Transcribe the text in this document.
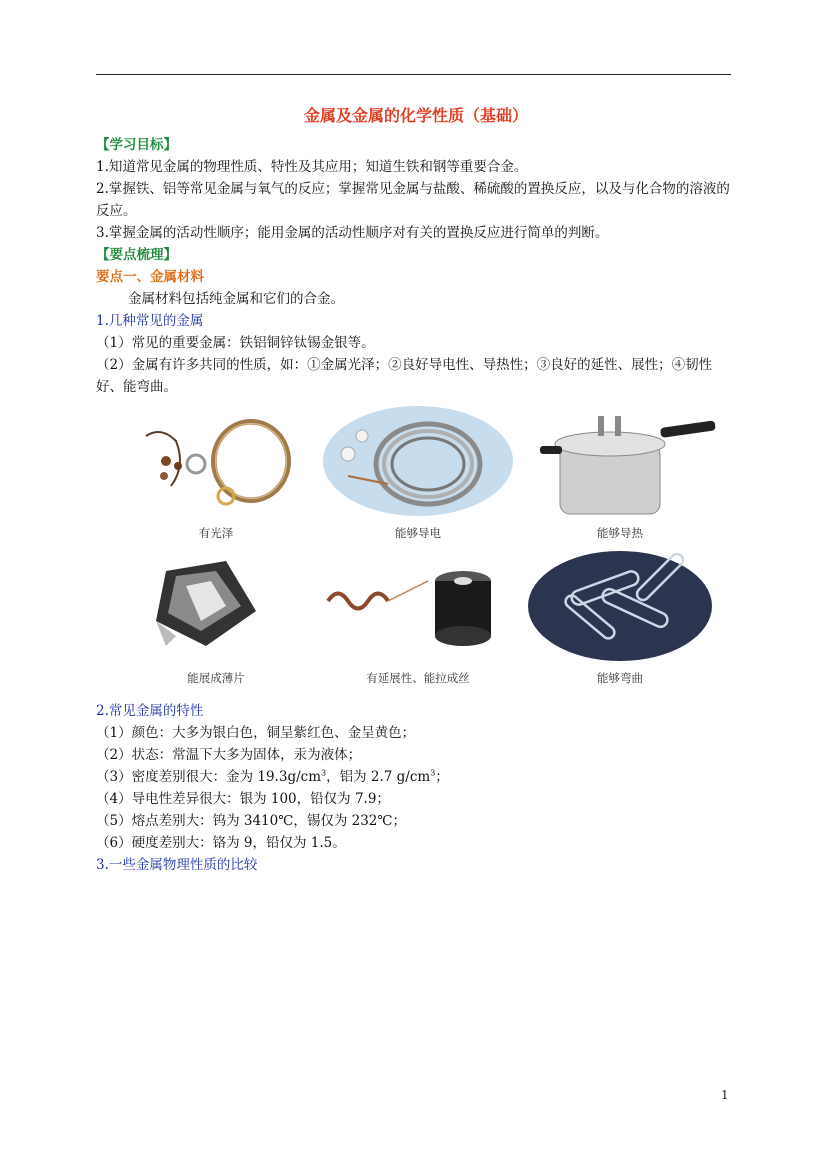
金属及金属的化学性质（基础）

【学习目标】

1.知道常见金属的物理性质、特性及其应用；知道生铁和钢等重要合金。

2.掌握铁、铝等常见金属与氧气的反应；掌握常见金属与盐酸、稀硫酸的置换反应，以及与化合物的溶液的反应。

3.掌握金属的活动性顺序；能用金属的活动性顺序对有关的置换反应进行简单的判断。

【要点梳理】

要点一、金属材料

金属材料包括纯金属和它们的合金。

1.几种常见的金属

（1）常见的重要金属：铁铝铜锌钛锡金银等。

（2）金属有许多共同的性质，如：①金属光泽；②良好导电性、导热性；③良好的延性、展性；④韧性好、能弯曲。

有光泽	能够导电	能够导热
能展成薄片	有延展性、能拉成丝	能够弯曲

2.常见金属的特性

（1）颜色：大多为银白色，铜呈紫红色、金呈黄色；

（2）状态：常温下大多为固体，汞为液体；

（3）密度差别很大：金为 $19.3g/cm^3$，铝为 2.7 $g/cm^3$；

（4）导电性差异很大：银为 100，铅仅为 7.9；

（5）熔点差别大：钨为 3410℃，锡仅为 232℃；

（6）硬度差别大：铬为 9，铅仅为 1.5。

3.一些金属物理性质的比较

1
